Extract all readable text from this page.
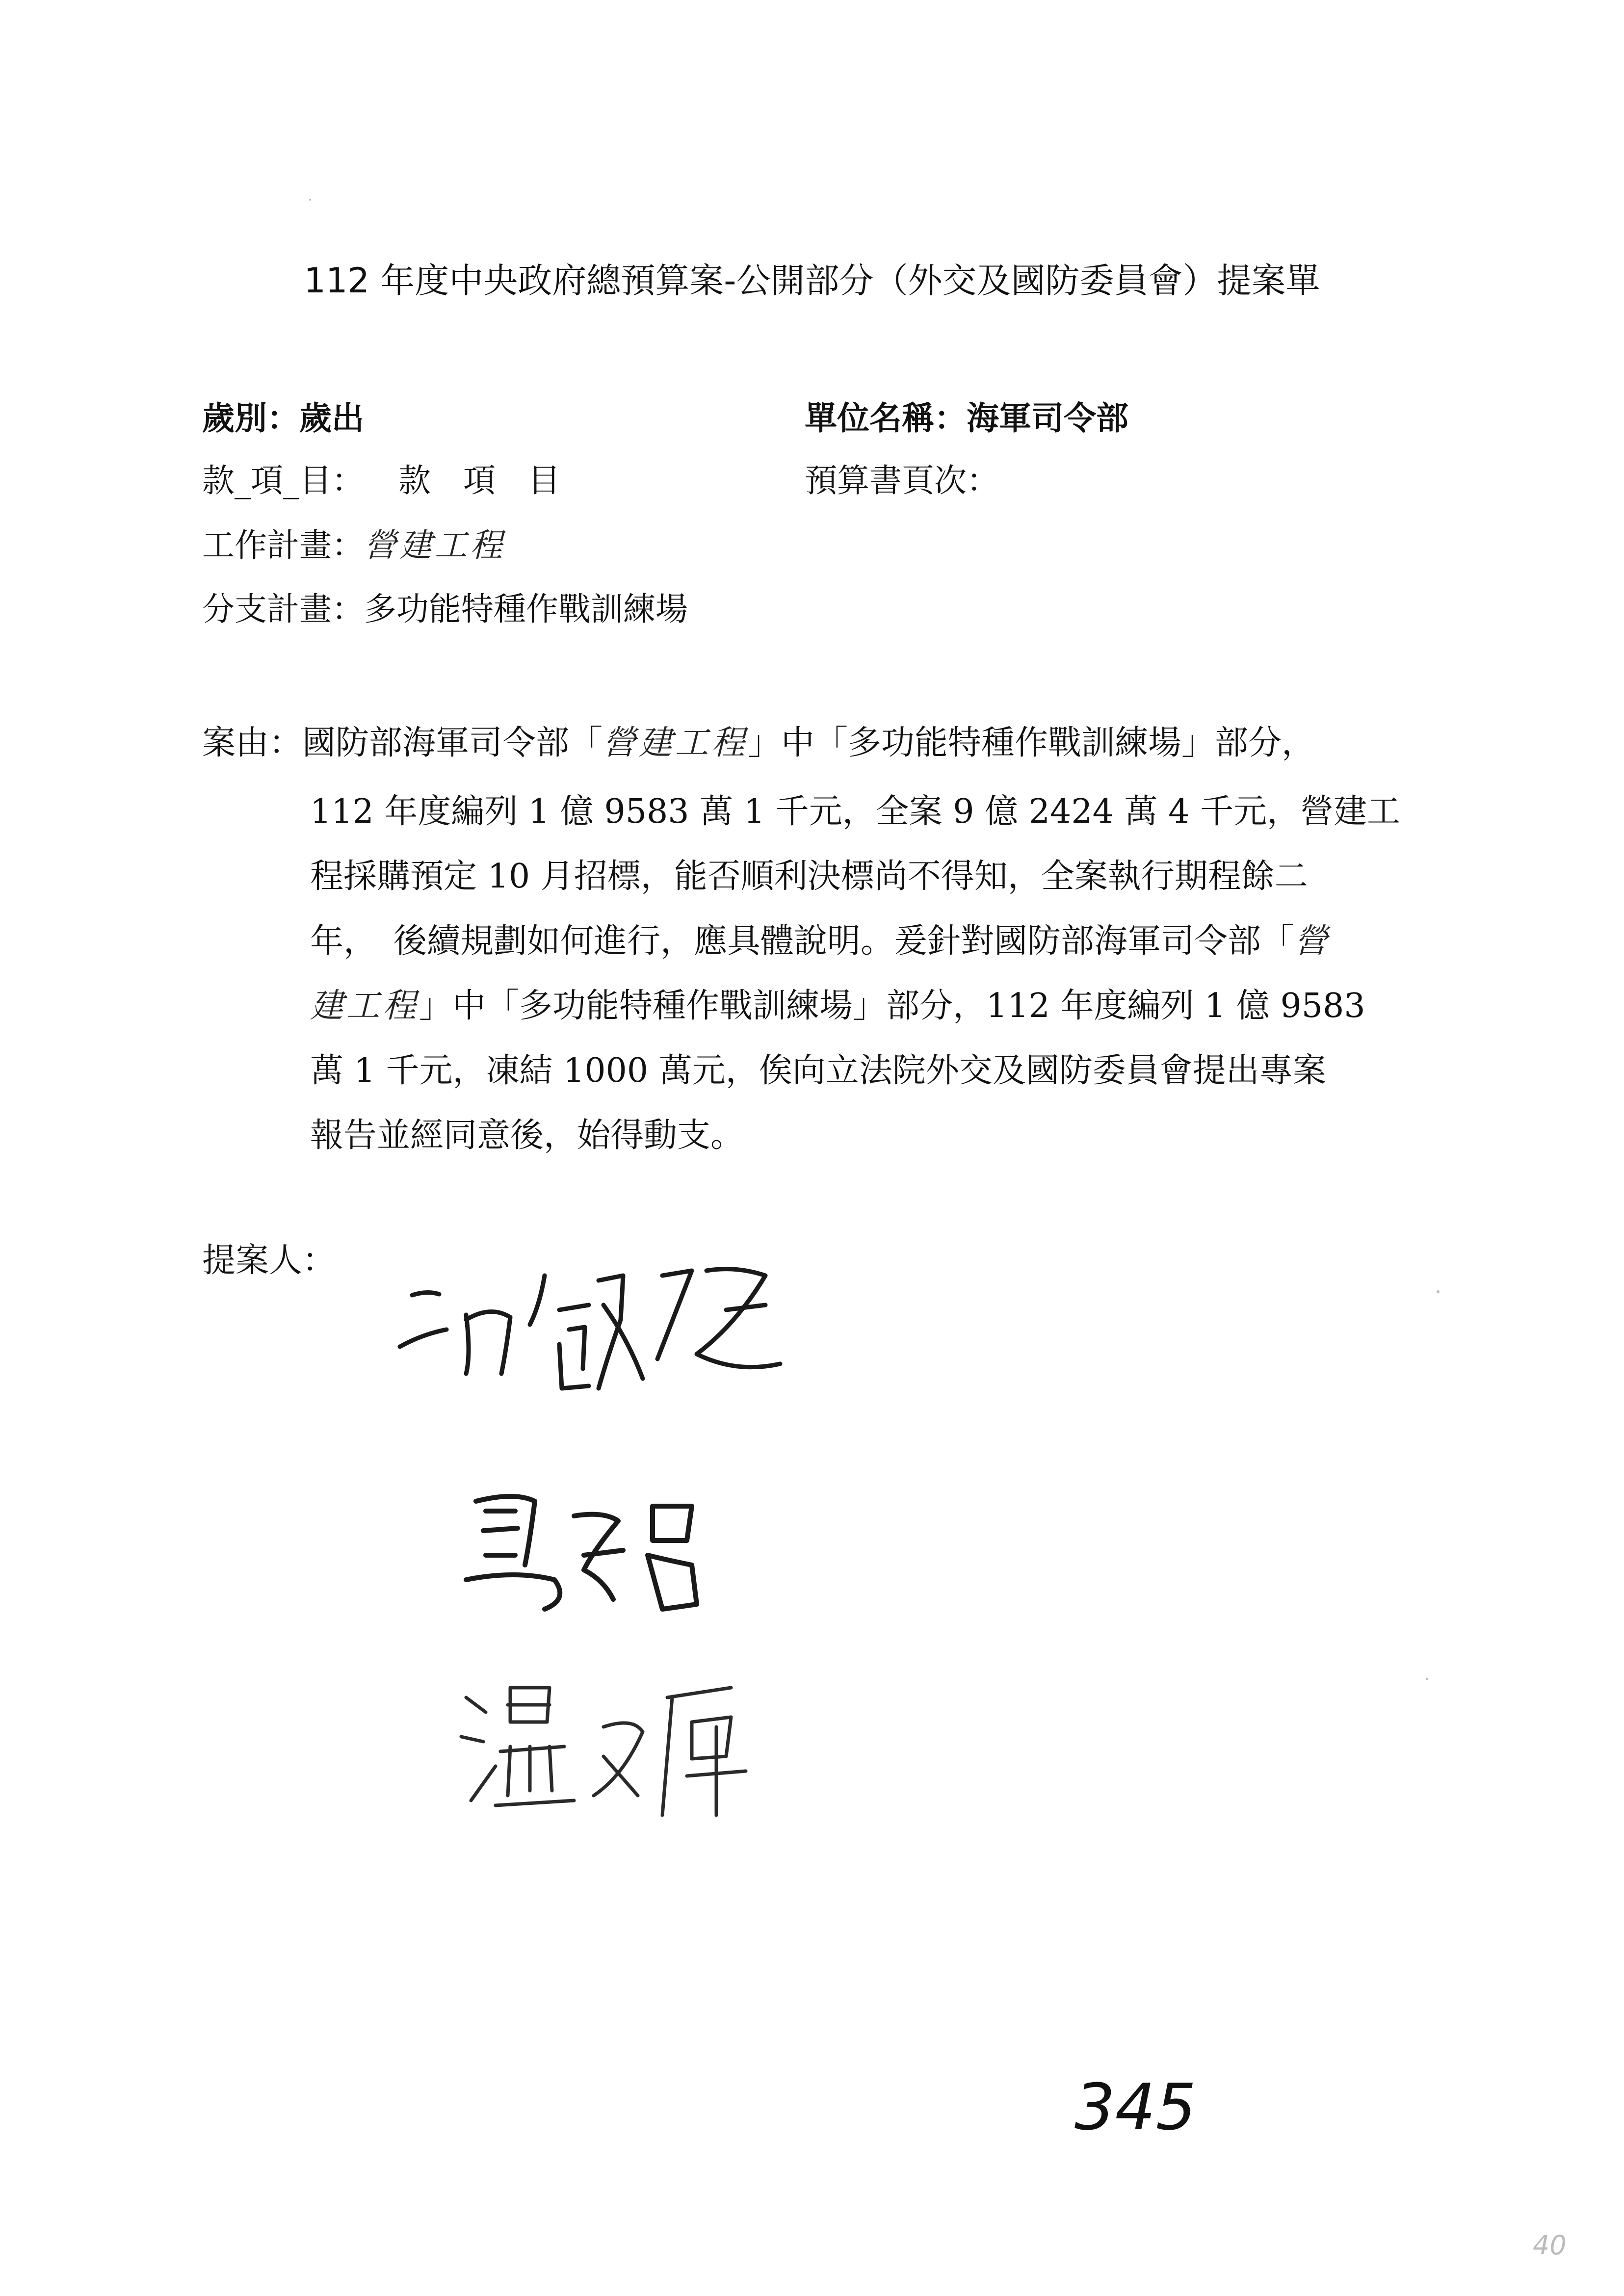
112 年度中央政府總預算案-公開部分（外交及國防委員會）提案單
歲別：歲出	單位名稱：海軍司令部
款_項_目： 款　項　目	預算書頁次：
工作計畫：營建工程
分支計畫：多功能特種作戰訓練場
案由：國防部海軍司令部「營建工程」中「多功能特種作戰訓練場」部分，
112 年度編列 1 億 9583 萬 1 千元，全案 9 億 2424 萬 4 千元，營建工
程採購預定 10 月招標，能否順利決標尚不得知，全案執行期程餘二
年，　後續規劃如何進行，應具體說明。爰針對國防部海軍司令部「營
建工程」中「多功能特種作戰訓練場」部分，112 年度編列 1 億 9583
萬 1 千元，凍結 1000 萬元，俟向立法院外交及國防委員會提出專案
報告並經同意後，始得動支。
提案人：
345
40
